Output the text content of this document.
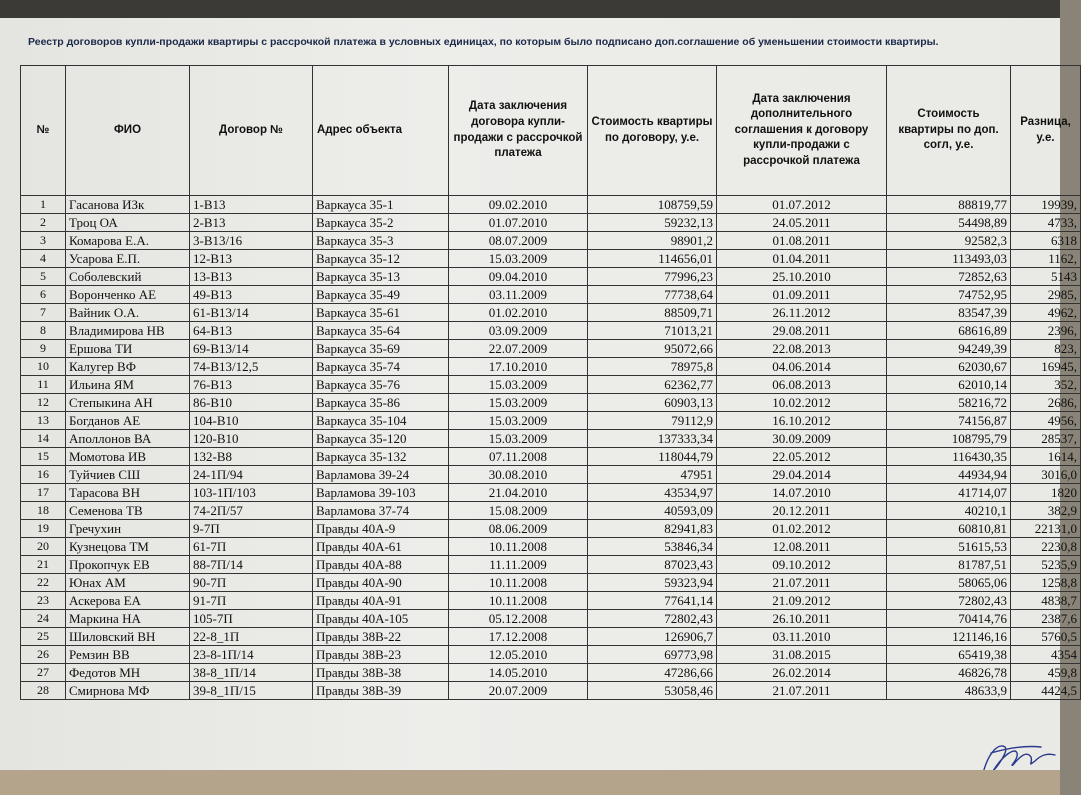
Реестр договоров купли-продажи квартиры с рассрочкой платежа в условных единицах, по которым было подписано доп.соглашение об уменьшении стоимости квартиры.
№	ФИО	Договор №	Адрес объекта	Дата заключения договора купли-продажи с рассрочкой платежа	Стоимость квартиры по договору, у.е.	Дата заключения дополнительного соглашения к договору купли-продажи с рассрочкой платежа	Стоимость квартиры по доп. согл, у.е.	Разница, у.е.
1	Гасанова ИЗк	1-В13	Варкауса 35-1	09.02.2010	108759,59	01.07.2012	88819,77	19939,
2	Троц ОА	2-В13	Варкауса 35-2	01.07.2010	59232,13	24.05.2011	54498,89	4733,
3	Комарова Е.А.	3-В13/16	Варкауса 35-3	08.07.2009	98901,2	01.08.2011	92582,3	6318
4	Усарова Е.П.	12-В13	Варкауса 35-12	15.03.2009	114656,01	01.04.2011	113493,03	1162,
5	Соболевский	13-В13	Варкауса 35-13	09.04.2010	77996,23	25.10.2010	72852,63	5143
6	Воронченко АЕ	49-В13	Варкауса 35-49	03.11.2009	77738,64	01.09.2011	74752,95	2985,
7	Вайник О.А.	61-В13/14	Варкауса 35-61	01.02.2010	88509,71	26.11.2012	83547,39	4962,
8	Владимирова НВ	64-В13	Варкауса 35-64	03.09.2009	71013,21	29.08.2011	68616,89	2396,
9	Ершова ТИ	69-В13/14	Варкауса 35-69	22.07.2009	95072,66	22.08.2013	94249,39	823,
10	Калугер ВФ	74-В13/12,5	Варкауса 35-74	17.10.2010	78975,8	04.06.2014	62030,67	16945,
11	Ильина ЯМ	76-В13	Варкауса 35-76	15.03.2009	62362,77	06.08.2013	62010,14	352,
12	Степыкина АН	86-В10	Варкауса 35-86	15.03.2009	60903,13	10.02.2012	58216,72	2686,
13	Богданов АЕ	104-В10	Варкауса 35-104	15.03.2009	79112,9	16.10.2012	74156,87	4956,
14	Аполлонов ВА	120-В10	Варкауса 35-120	15.03.2009	137333,34	30.09.2009	108795,79	28537,
15	Момотова ИВ	132-В8	Варкауса 35-132	07.11.2008	118044,79	22.05.2012	116430,35	1614,
16	Туйчиев СШ	24-1П/94	Варламова 39-24	30.08.2010	47951	29.04.2014	44934,94	3016,0
17	Тарасова ВН	103-1П/103	Варламова 39-103	21.04.2010	43534,97	14.07.2010	41714,07	1820
18	Семенова ТВ	74-2П/57	Варламова 37-74	15.08.2009	40593,09	20.12.2011	40210,1	382,9
19	Гречухин	9-7П	Правды 40А-9	08.06.2009	82941,83	01.02.2012	60810,81	22131,0
20	Кузнецова ТМ	61-7П	Правды 40А-61	10.11.2008	53846,34	12.08.2011	51615,53	2230,8
21	Прокопчук ЕВ	88-7П/14	Правды 40А-88	11.11.2009	87023,43	09.10.2012	81787,51	5235,9
22	Юнах АМ	90-7П	Правды 40А-90	10.11.2008	59323,94	21.07.2011	58065,06	1258,8
23	Аскерова ЕА	91-7П	Правды 40А-91	10.11.2008	77641,14	21.09.2012	72802,43	4838,7
24	Маркина НА	105-7П	Правды 40А-105	05.12.2008	72802,43	26.10.2011	70414,76	2387,6
25	Шиловский ВН	22-8_1П	Правды 38В-22	17.12.2008	126906,7	03.11.2010	121146,16	5760,5
26	Ремзин ВВ	23-8-1П/14	Правды 38В-23	12.05.2010	69773,98	31.08.2015	65419,38	4354
27	Федотов МН	38-8_1П/14	Правды 38В-38	14.05.2010	47286,66	26.02.2014	46826,78	459,8
28	Смирнова МФ	39-8_1П/15	Правды 38В-39	20.07.2009	53058,46	21.07.2011	48633,9	4424,5
